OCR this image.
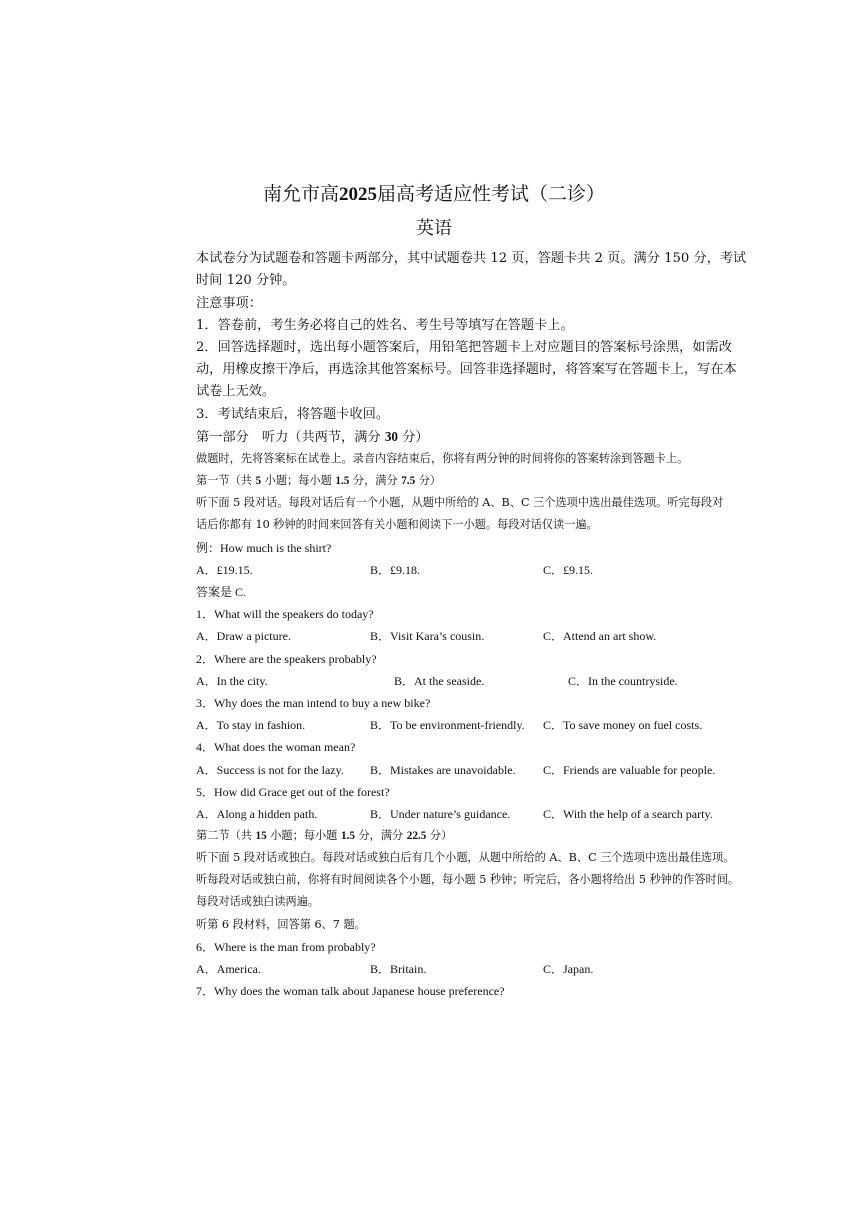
南允市高2025届高考适应性考试（二诊）
英语
本试卷分为试题卷和答题卡两部分，其中试题卷共 12 页，答题卡共 2 页。满分 150 分，考试
时间 120 分钟。
注意事项：
1．答卷前，考生务必将自己的姓名、考生号等填写在答题卡上。
2．回答选择题时，选出每小题答案后，用铅笔把答题卡上对应题目的答案标号涂黑，如需改
动，用橡皮擦干净后，再选涂其他答案标号。回答非选择题时，将答案写在答题卡上，写在本
试卷上无效。
3．考试结束后，将答题卡收回。
第一部分　听力（共两节，满分 30 分）
做题时，先将答案标在试卷上。录音内容结束后，你将有两分钟的时间将你的答案转涂到答题卡上。
第一节（共 5 小题；每小题 1.5 分，满分 7.5 分）
听下面 5 段对话。每段对话后有一个小题，从题中所给的 A、B、C 三个选项中选出最佳选项。听完每段对
话后你都有 10 秒钟的时间来回答有关小题和阅读下一小题。每段对话仅读一遍。
例：How much is the shirt?
A．£19.15.	B．£9.18.	C．£9.15.
答案是 C.
1．What will the speakers do today?
A．Draw a picture.	B．Visit Kara’s cousin.	C．Attend an art show.
2．Where are the speakers probably?
A．In the city.	B．At the seaside.	C．In the countryside.
3．Why does the man intend to buy a new bike?
A．To stay in fashion.	B．To be environment-friendly. C．To save money on fuel costs.
4．What does the woman mean?
A．Success is not for the lazy. B．Mistakes are unavoidable. C．Friends are valuable for people.
5．How did Grace get out of the forest?
A．Along a hidden path.	B．Under nature’s guidance.	C．With the help of a search party.
第二节（共 15 小题；每小题 1.5 分，满分 22.5 分）
听下面 5 段对话或独白。每段对话或独白后有几个小题，从题中所给的 A、B、C 三个选项中选出最佳选项。
听每段对话或独白前，你将有时间阅读各个小题，每小题 5 秒钟；听完后，各小题将给出 5 秒钟的作答时间。
每段对话或独白读两遍。
听第 6 段材料，回答第 6、7 题。
6．Where is the man from probably?
A．America.	B．Britain.	C．Japan.
7．Why does the woman talk about Japanese house preference?
